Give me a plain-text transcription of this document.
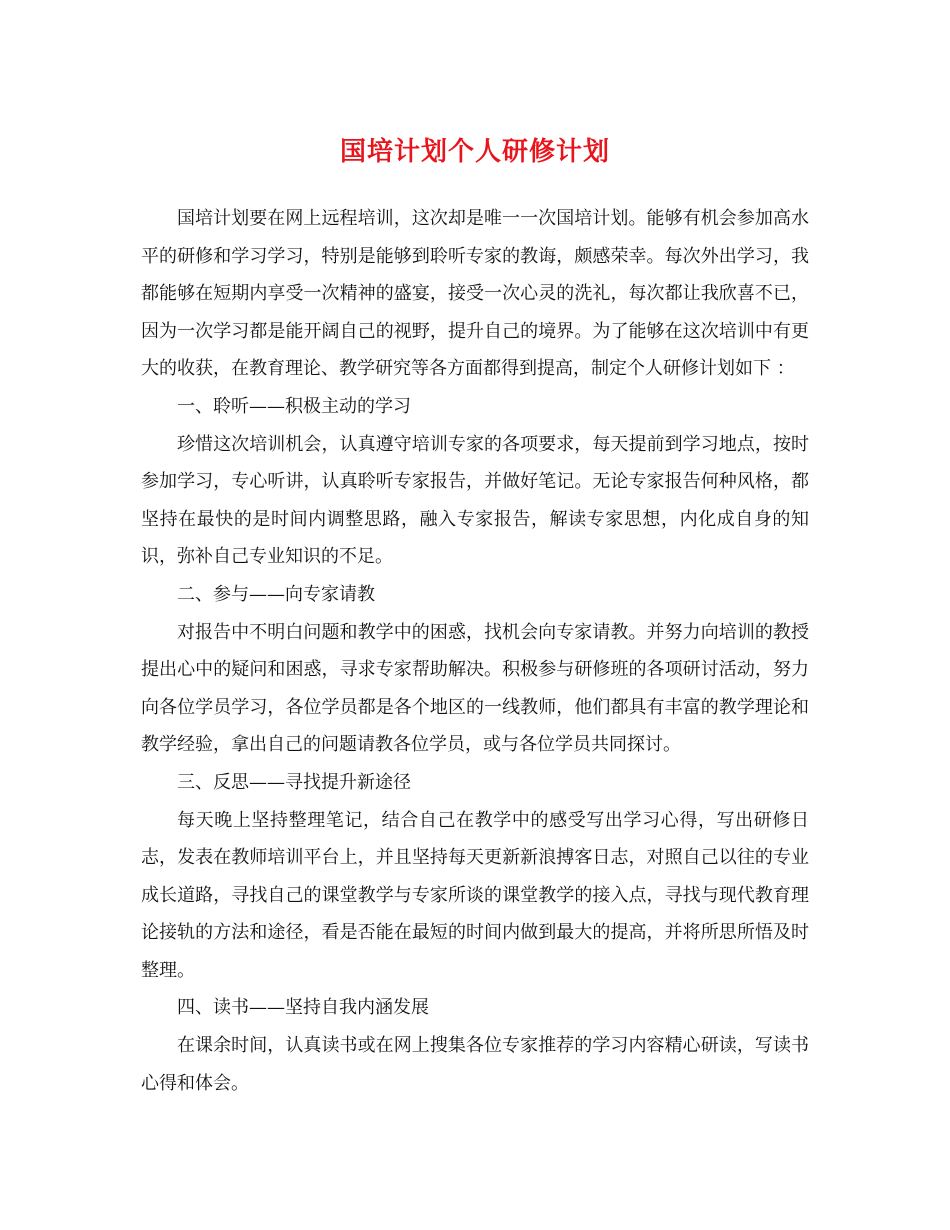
国培计划个人研修计划

国培计划要在网上远程培训，这次却是唯一一次国培计划。能够有机会参加高水平的研修和学习学习，特别是能够到聆听专家的教诲，颇感荣幸。每次外出学习，我都能够在短期内享受一次精神的盛宴，接受一次心灵的洗礼，每次都让我欣喜不已，因为一次学习都是能开阔自己的视野，提升自己的境界。为了能够在这次培训中有更大的收获，在教育理论、教学研究等各方面都得到提高，制定个人研修计划如下 ：

一、聆听——积极主动的学习

珍惜这次培训机会，认真遵守培训专家的各项要求，每天提前到学习地点，按时参加学习，专心听讲，认真聆听专家报告，并做好笔记。无论专家报告何种风格，都坚持在最快的是时间内调整思路，融入专家报告，解读专家思想，内化成自身的知识，弥补自己专业知识的不足。

二、参与——向专家请教

对报告中不明白问题和教学中的困惑，找机会向专家请教。并努力向培训的教授提出心中的疑问和困惑，寻求专家帮助解决。积极参与研修班的各项研讨活动，努力向各位学员学习，各位学员都是各个地区的一线教师，他们都具有丰富的教学理论和教学经验，拿出自己的问题请教各位学员，或与各位学员共同探讨。

三、反思——寻找提升新途径

每天晚上坚持整理笔记，结合自己在教学中的感受写出学习心得，写出研修日志，发表在教师培训平台上，并且坚持每天更新新浪搏客日志，对照自己以往的专业成长道路，寻找自己的课堂教学与专家所谈的课堂教学的接入点，寻找与现代教育理论接轨的方法和途径，看是否能在最短的时间内做到最大的提高，并将所思所悟及时整理。

四、读书——坚持自我内涵发展

在课余时间，认真读书或在网上搜集各位专家推荐的学习内容精心研读，写读书心得和体会。
